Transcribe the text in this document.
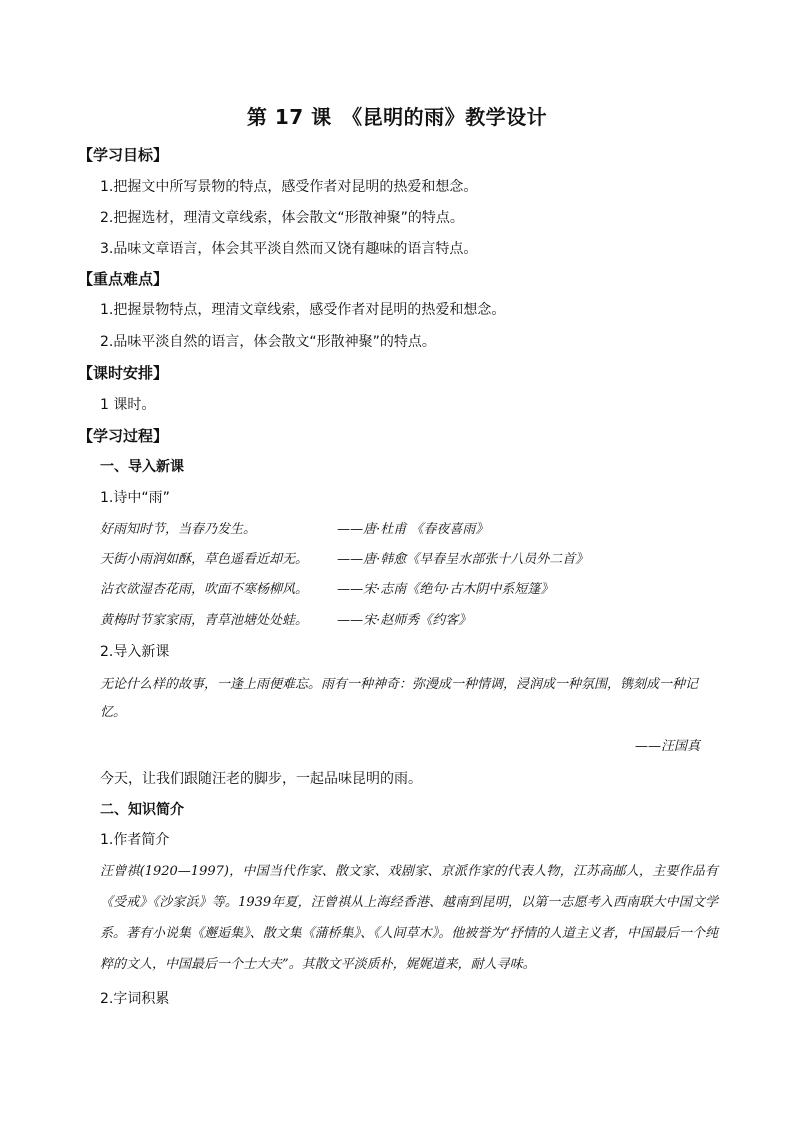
第 17 课　《昆明的雨》教学设计
【学习目标】
1.把握文中所写景物的特点，感受作者对昆明的热爱和想念。
2.把握选材，理清文章线索，体会散文“形散神聚”的特点。
3.品味文章语言，体会其平淡自然而又饶有趣味的语言特点。
【重点难点】
1.把握景物特点，理清文章线索，感受作者对昆明的热爱和想念。
2.品味平淡自然的语言，体会散文“形散神聚”的特点。
【课时安排】
1 课时。
【学习过程】
一、导入新课
1.诗中“雨”
好雨知时节，当春乃发生。	——唐·杜甫 《春夜喜雨》
天街小雨润如酥，草色遥看近却无。 ——唐·韩愈《早春呈水部张十八员外二首》
沾衣欲湿杏花雨，吹面不寒杨柳风。 ——宋·志南《绝句·古木阴中系短篷》
黄梅时节家家雨，青草池塘处处蛙。 ——宋·赵师秀《约客》
2.导入新课
无论什么样的故事，一逢上雨便难忘。雨有一种神奇：弥漫成一种情调，浸润成一种氛围，镌刻成一种记忆。
——汪国真
今天，让我们跟随汪老的脚步，一起品味昆明的雨。
二、知识简介
1.作者简介
汪曾祺(1920—1997)，中国当代作家、散文家、戏剧家、京派作家的代表人物，江苏高邮人，主要作品有《受戒》《沙家浜》等。1939年夏，汪曾祺从上海经香港、越南到昆明，以第一志愿考入西南联大中国文学系。著有小说集《邂逅集》、散文集《蒲桥集》、《人间草木》。他被誉为“抒情的人道主义者，中国最后一个纯粹的文人，中国最后一个士大夫”。其散文平淡质朴，娓娓道来，耐人寻味。
2.字词积累
